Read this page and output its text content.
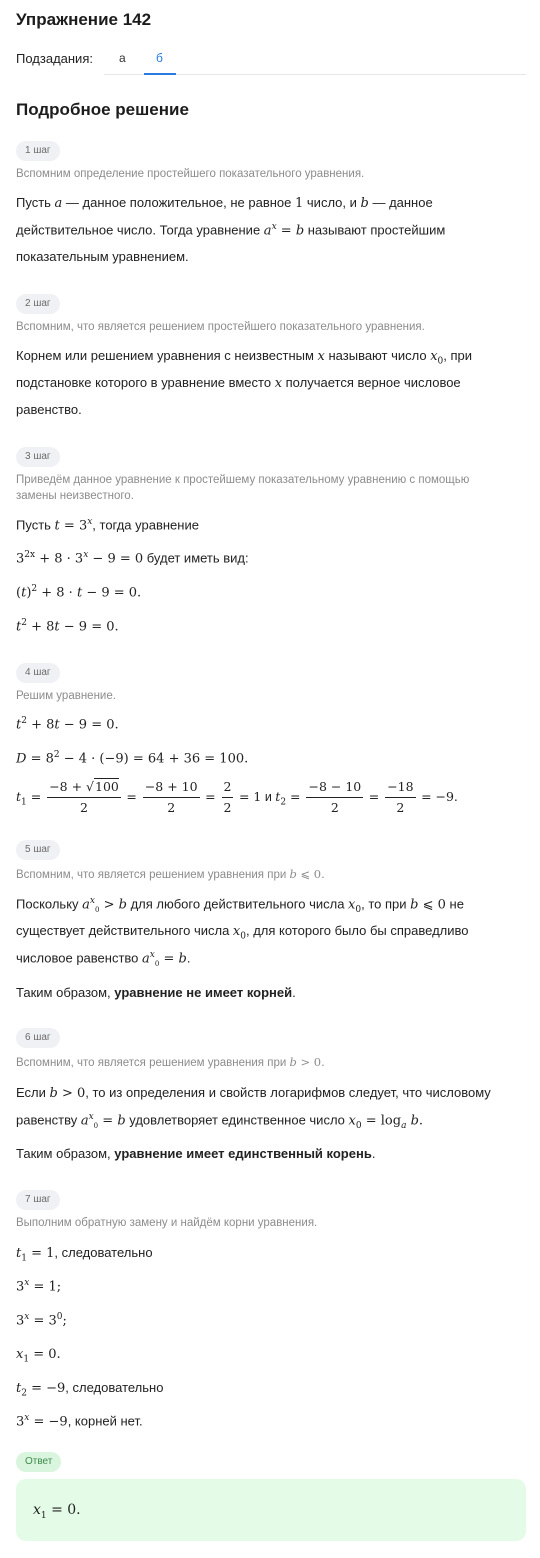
Упражнение 142
Подзадания: а	б
Подробное решение
1 шаг
Вспомним определение простейшего показательного уравнения.
Пусть a — данное положительное, не равное 1 число, и b — данное
действительное число. Тогда уравнение $a^x = b$ называют простейшим
показательным уравнением.
2 шаг
Вспомним, что является решением простейшего показательного уравнения.
Корнем или решением уравнения с неизвестным x называют число $x_0$, при
подстановке которого в уравнение вместо x получается верное числовое
равенство.
3 шаг
Приведём данное уравнение к простейшему показательному уравнению с помощью
замены неизвестного.
Пусть $t = 3^x$, тогда уравнение
$3^{2x} + 8 \cdot 3^x - 9 = 0$ будет иметь вид:
$(t)^2 + 8 \cdot t - 9 = 0$.
$t^2 + 8t - 9 = 0$.
4 шаг
Решим уравнение.
$t^2 + 8t - 9 = 0$.
$D = 8^2 - 4 \cdot (-9) = 64 + 36 = 100$.
$t_1 = \frac{-8 + √100}{2} = \frac{-8 + 10}{2} = \frac{2}{2} = 1$ и $t_2 = \frac{-8 - 10}{2} = \frac{-18}{2} = -9$.
5 шаг
Вспомним, что является решением уравнения при b ⩽ 0.
Поскольку $a^x_0 > b$ для любого действительного числа $x_0$, то при b ⩽ 0 не
существует действительного числа $x_0$, для которого было бы справедливо
числовое равенство $a^x_0 = b$.
Таким образом, уравнение не имеет корней.
6 шаг
Вспомним, что является решением уравнения при b > 0.
Если b > 0, то из определения и свойств логарифмов следует, что числовому
равенству $a^x_0 = b$ удовлетворяет единственное число $x_0 = \log_a b$.
Таким образом, уравнение имеет единственный корень.
7 шаг
Выполним обратную замену и найдём корни уравнения.
$t_1 = 1$, следовательно
$3^x = 1$;
$3^x = 3^0$;
$x_1 = 0$.
$t_2 = -9$, следовательно
$3^x = -9$, корней нет.
Ответ
$x_1 = 0$.
